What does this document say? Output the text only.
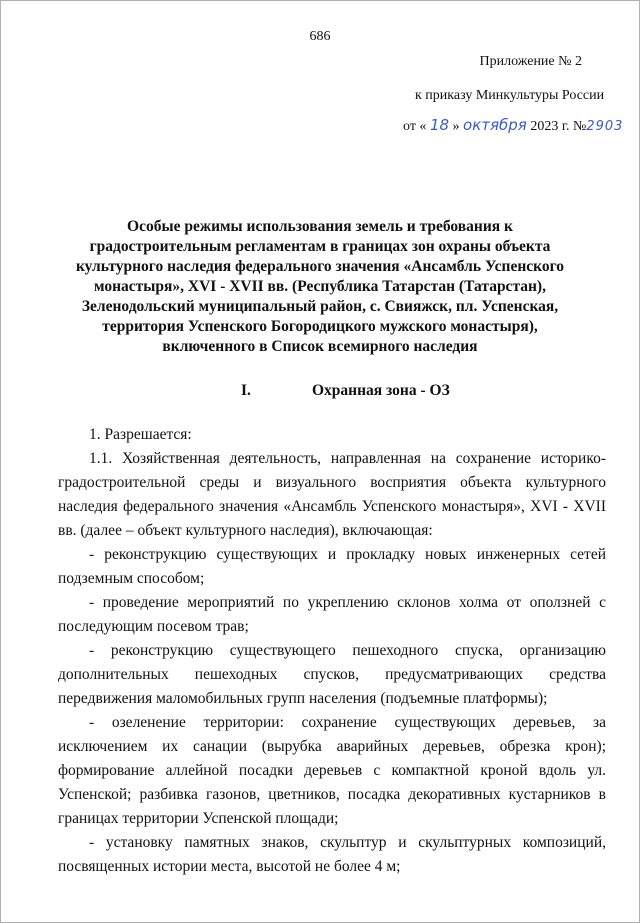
686
Приложение № 2
к приказу Минкультуры России
от « 18 » октября 2023 г. №2903
Особые режимы использования земель и требования к градостроительным регламентам в границах зон охраны объекта культурного наследия федерального значения «Ансамбль Успенского монастыря», XVI - XVII вв. (Республика Татарстан (Татарстан), Зеленодольский муниципальный район, с. Свияжск, пл. Успенская, территория Успенского Богородицкого мужского монастыря), включенного в Список всемирного наследия
I.	Охранная зона - ОЗ

1. Разрешается:

1.1. Хозяйственная деятельность, направленная на сохранение историко-градостроительной среды и визуального восприятия объекта культурного наследия федерального значения «Ансамбль Успенского монастыря», XVI - XVII вв. (далее – объект культурного наследия), включающая:

- реконструкцию существующих и прокладку новых инженерных сетей подземным способом;

- проведение мероприятий по укреплению склонов холма от оползней с последующим посевом трав;

- реконструкцию существующего пешеходного спуска, организацию дополнительных пешеходных спусков, предусматривающих средства передвижения маломобильных групп населения (подъемные платформы);

- озеленение территории: сохранение существующих деревьев, за исключением их санации (вырубка аварийных деревьев, обрезка крон); формирование аллейной посадки деревьев с компактной кроной вдоль ул. Успенской; разбивка газонов, цветников, посадка декоративных кустарников в границах территории Успенской площади;

- установку памятных знаков, скульптур и скульптурных композиций, посвященных истории места, высотой не более 4 м;
